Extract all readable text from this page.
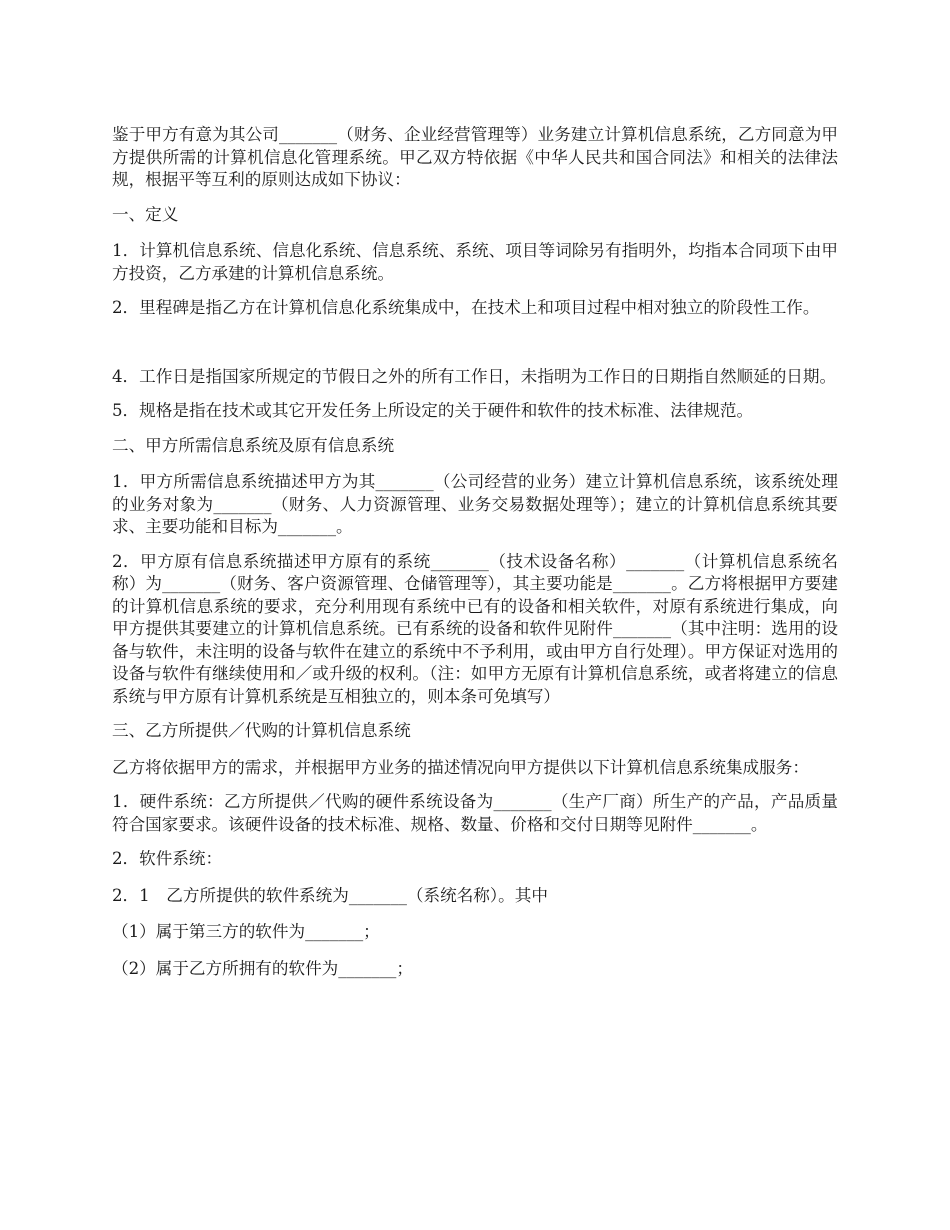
鉴于甲方有意为其公司_______（财务、企业经营管理等）业务建立计算机信息系统，乙方同意为甲方提供所需的计算机信息化管理系统。甲乙双方特依据《中华人民共和国合同法》和相关的法律法规，根据平等互利的原则达成如下协议：

一、定义

1．计算机信息系统、信息化系统、信息系统、系统、项目等词除另有指明外，均指本合同项下由甲方投资，乙方承建的计算机信息系统。

2．里程碑是指乙方在计算机信息化系统集成中，在技术上和项目过程中相对独立的阶段性工作。

4．工作日是指国家所规定的节假日之外的所有工作日，未指明为工作日的日期指自然顺延的日期。

5．规格是指在技术或其它开发任务上所设定的关于硬件和软件的技术标准、法律规范。

二、甲方所需信息系统及原有信息系统

1．甲方所需信息系统描述甲方为其_______（公司经营的业务）建立计算机信息系统，该系统处理的业务对象为_______（财务、人力资源管理、业务交易数据处理等）；建立的计算机信息系统其要求、主要功能和目标为_______。

2．甲方原有信息系统描述甲方原有的系统_______（技术设备名称）_______（计算机信息系统名称）为_______（财务、客户资源管理、仓储管理等），其主要功能是_______。乙方将根据甲方要建的计算机信息系统的要求，充分利用现有系统中已有的设备和相关软件，对原有系统进行集成，向甲方提供其要建立的计算机信息系统。已有系统的设备和软件见附件_______（其中注明：选用的设备与软件，未注明的设备与软件在建立的系统中不予利用，或由甲方自行处理）。甲方保证对选用的设备与软件有继续使用和／或升级的权利。（注：如甲方无原有计算机信息系统，或者将建立的信息系统与甲方原有计算机系统是互相独立的，则本条可免填写）

三、乙方所提供／代购的计算机信息系统

乙方将依据甲方的需求，并根据甲方业务的描述情况向甲方提供以下计算机信息系统集成服务：

1．硬件系统：乙方所提供／代购的硬件系统设备为_______（生产厂商）所生产的产品，产品质量符合国家要求。该硬件设备的技术标准、规格、数量、价格和交付日期等见附件_______。

2．软件系统：

2．1　乙方所提供的软件系统为_______（系统名称）。其中

（1）属于第三方的软件为_______；

（2）属于乙方所拥有的软件为_______；
